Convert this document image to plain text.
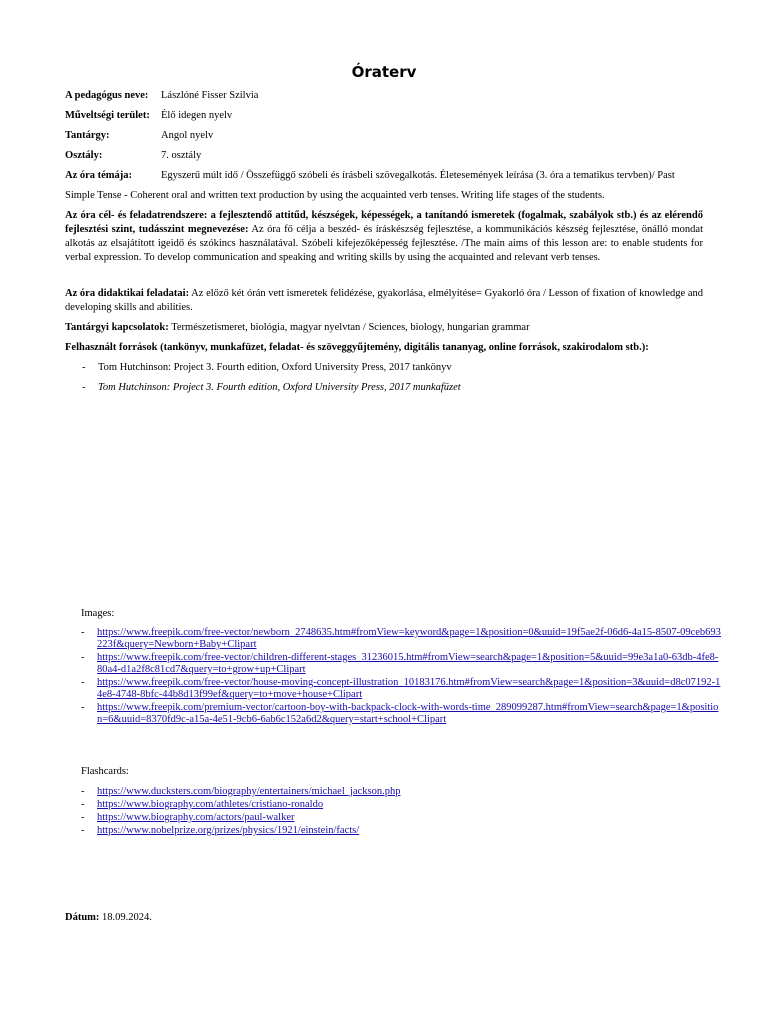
Óraterv
A pedagógus neve: Lászlóné Fisser Szilvia
Műveltségi terület: Élő idegen nyelv
Tantárgy:	Angol nyelv
Osztály:	7. osztály
Az óra témája:	Egyszerű múlt idő / Összefüggő szóbeli és írásbeli szövegalkotás. Életesemények leírása (3. óra a tematikus tervben)/ Past
Simple Tense - Coherent oral and written text production by using the acquainted verb tenses. Writing life stages of the students.
Az óra cél- és feladatrendszere: a fejlesztendő attitűd, készségek, képességek, a tanítandó ismeretek (fogalmak, szabályok stb.) és az elérendő fejlesztési szint, tudásszint megnevezése: Az óra fő célja a beszéd- és íráskészség fejlesztése, a kommunikációs készség fejlesztése, önálló mondat alkotás az elsajátított igeidő és szókincs használatával. Szóbeli kifejezőképesség fejlesztése. /The main aims of this lesson are: to enable students for verbal expression. To develop communication and speaking and writing skills by using the acquainted and relevant verb tenses.
Az óra didaktikai feladatai: Az előző két órán vett ismeretek felidézése, gyakorlása, elmélyítése= Gyakorló óra / Lesson of fixation of knowledge and developing skills and abilities.
Tantárgyi kapcsolatok: Természetismeret, biológia, magyar nyelvtan / Sciences, biology, hungarian grammar
Felhasznált források (tankönyv, munkafüzet, feladat- és szöveggyűjtemény, digitális tananyag, online források, szakirodalom stb.):
- Tom Hutchinson: Project 3. Fourth edition, Oxford University Press, 2017 tankönyv
- Tom Hutchinson: Project 3. Fourth edition, Oxford University Press, 2017 munkafüzet
Images:
- https://www.freepik.com/free-vector/newborn_2748635.htm#fromView=keyword&page=1&position=0&uuid=19f5ae2f-06d6-4a15-8507-09ceb693223f&query=Newborn+Baby+Clipart
- https://www.freepik.com/free-vector/children-different-stages_31236015.htm#fromView=search&page=1&position=5&uuid=99e3a1a0-63db-4fe8-80a4-d1a2f8c81cd7&query=to+grow+up+Clipart
- https://www.freepik.com/free-vector/house-moving-concept-illustration_10183176.htm#fromView=search&page=1&position=3&uuid=d8c07192-14e8-4748-8bfc-44b8d13f99ef&query=to+move+house+Clipart
- https://www.freepik.com/premium-vector/cartoon-boy-with-backpack-clock-with-words-time_289099287.htm#fromView=search&page=1&position=6&uuid=8370fd9c-a15a-4e51-9cb6-6ab6c152a6d2&query=start+school+Clipart
Flashcards:
- https://www.ducksters.com/biography/entertainers/michael_jackson.php
- https://www.biography.com/athletes/cristiano-ronaldo
- https://www.biography.com/actors/paul-walker
- https://www.nobelprize.org/prizes/physics/1921/einstein/facts/
Dátum: 18.09.2024.
